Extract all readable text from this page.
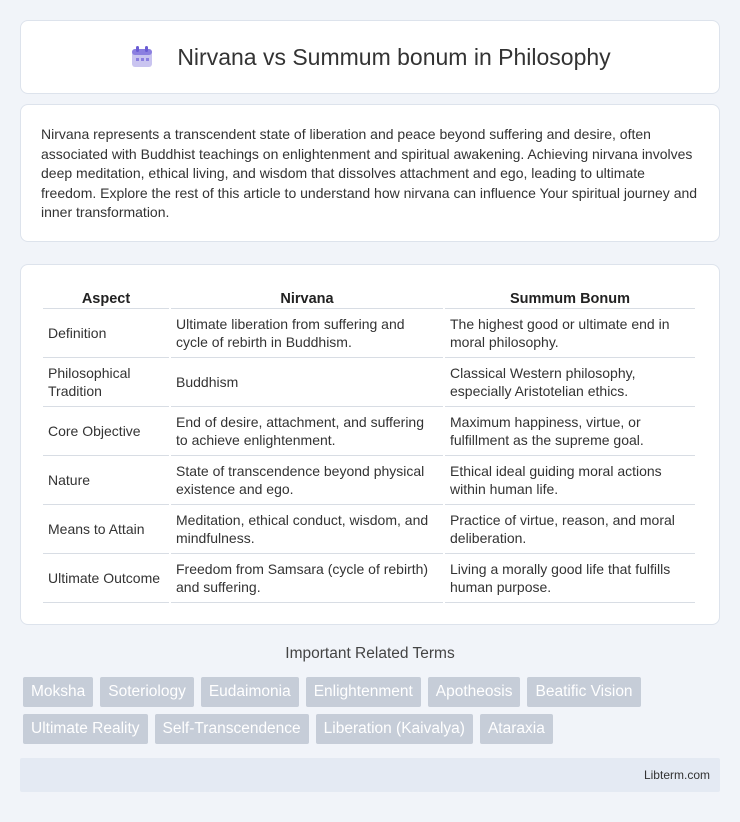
Nirvana vs Summum bonum in Philosophy

Nirvana represents a transcendent state of liberation and peace beyond suffering and desire, often associated with Buddhist teachings on enlightenment and spiritual awakening. Achieving nirvana involves deep meditation, ethical living, and wisdom that dissolves attachment and ego, leading to ultimate freedom. Explore the rest of this article to understand how nirvana can influence Your spiritual journey and inner transformation.

Aspect	Nirvana	Summum Bonum
Definition	Ultimate liberation from suffering and cycle of rebirth in Buddhism.	The highest good or ultimate end in moral philosophy.
Philosophical Tradition	Buddhism	Classical Western philosophy, especially Aristotelian ethics.
Core Objective	End of desire, attachment, and suffering to achieve enlightenment.	Maximum happiness, virtue, or fulfillment as the supreme goal.
Nature	State of transcendence beyond physical existence and ego.	Ethical ideal guiding moral actions within human life.
Means to Attain	Meditation, ethical conduct, wisdom, and mindfulness.	Practice of virtue, reason, and moral deliberation.
Ultimate Outcome	Freedom from Samsara (cycle of rebirth) and suffering.	Living a morally good life that fulfills human purpose.
Important Related Terms
Moksha	Soteriology	Eudaimonia	Enlightenment	Apotheosis	Beatific Vision
Ultimate Reality	Self-Transcendence	Liberation (Kaivalya)	Ataraxia
Libterm.com
